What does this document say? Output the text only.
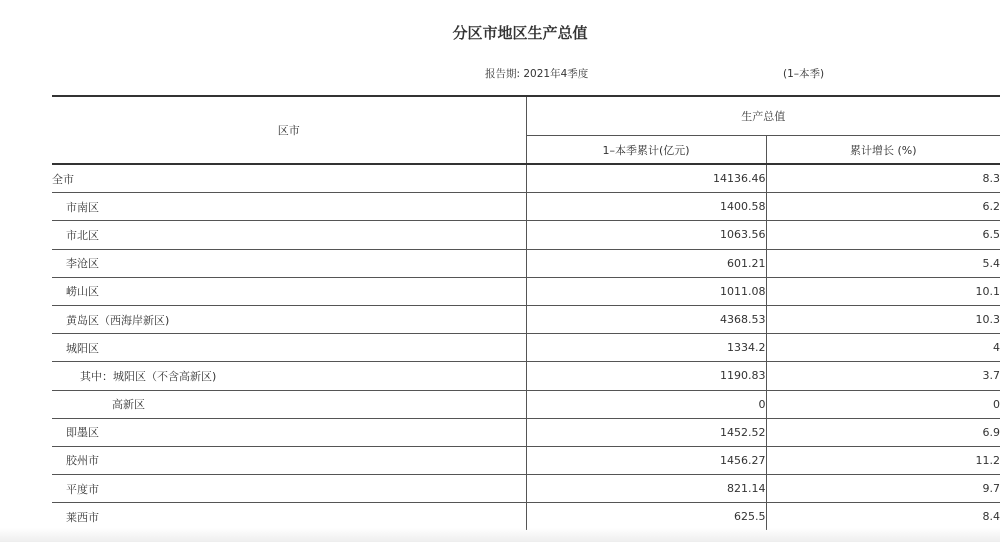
分区市地区生产总值
报告期: 2021年4季度	(1–本季)
区市	生产总值	
	1–本季累计(亿元)	累计增长 (%)
全市	14136.46	8.3
市南区	1400.58	6.2
市北区	1063.56	6.5
李沧区	601.21	5.4
崂山区	1011.08	10.1
黄岛区（西海岸新区)	4368.53	10.3
城阳区	1334.2	4
其中：城阳区（不含高新区)	1190.83	3.7
高新区	0	0
即墨区	1452.52	6.9
胶州市	1456.27	11.2
平度市	821.14	9.7
莱西市	625.5	8.4
